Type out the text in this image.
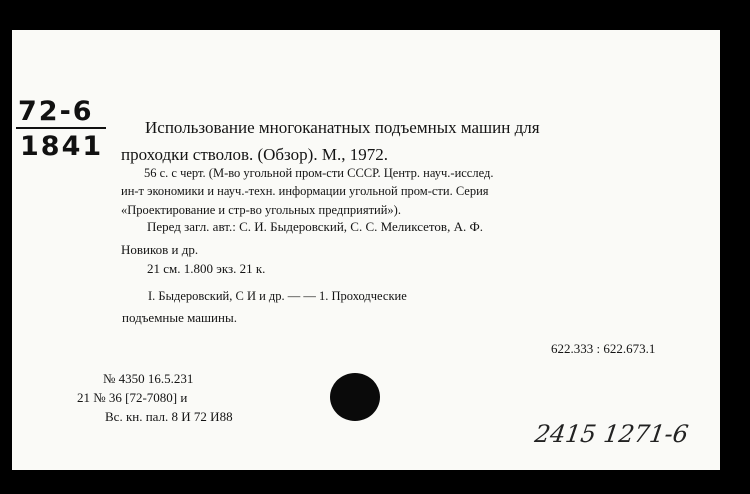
72-6
1841
Использование многоканатных подъемных машин для
проходки стволов. (Обзор). М., 1972.
56 с. с черт. (М-во угольной пром-сти СССР. Центр. науч.-исслед.
ин-т экономики и науч.-техн. информации угольной пром-сти. Серия
«Проектирование и стр-во угольных предприятий»).
Перед загл. авт.: С. И. Быдеровский, С. С. Меликсетов, А. Ф.
Новиков и др.
21 см. 1.800 экз. 21 к.
I. Быдеровский, С И и др. — — 1. Проходческие
подъемные машины.
622.333 : 622.673.1
№ 4350 16.5.231
21 № 36 [72-7080] и
Вс. кн. пал. 8 И 72 И88
2415 1271-6
